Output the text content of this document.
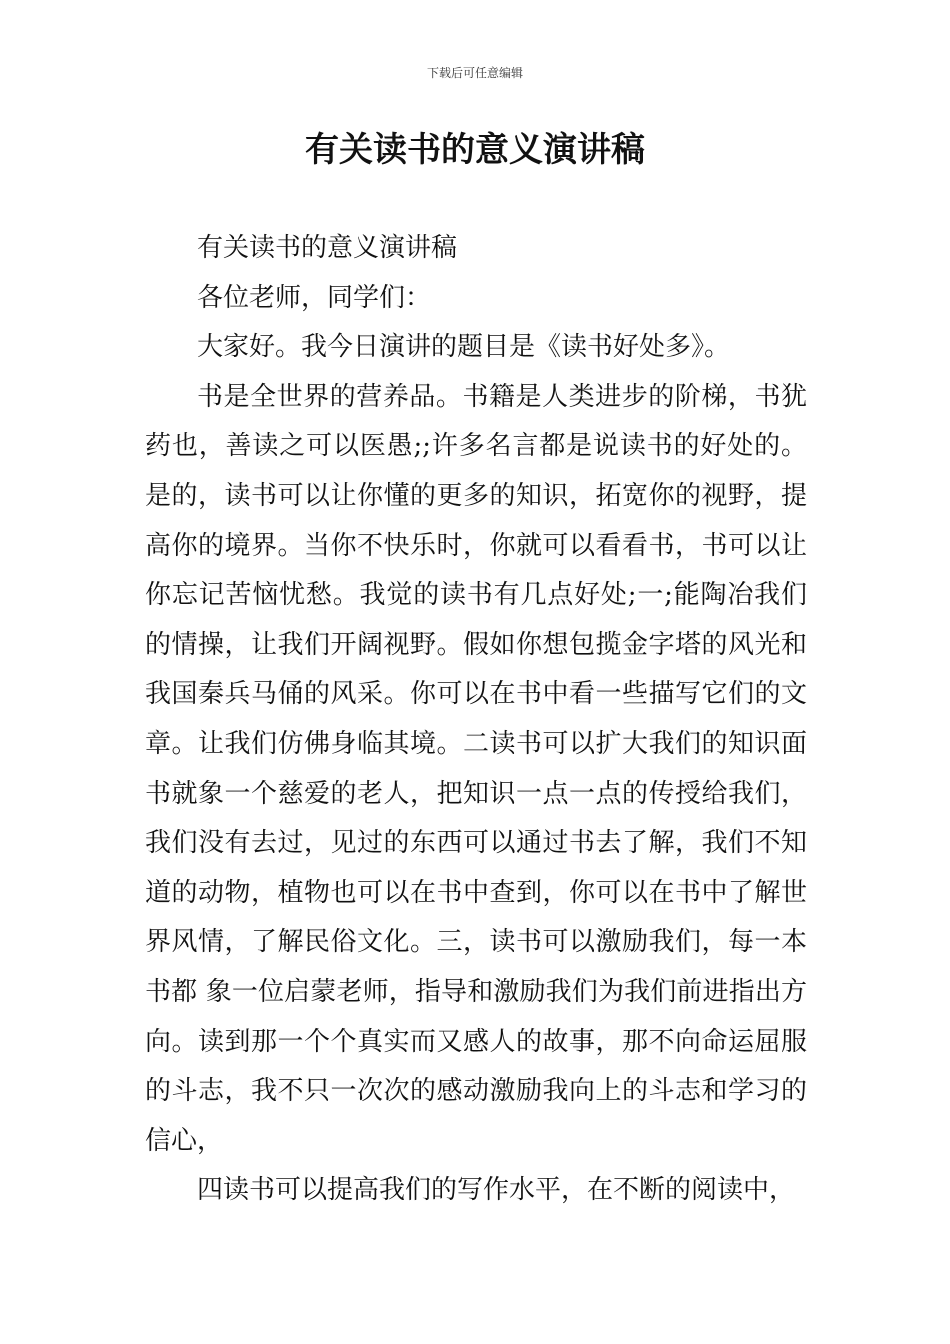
下载后可任意编辑
有关读书的意义演讲稿

有关读书的意义演讲稿

各位老师，同学们：

大家好。我今日演讲的题目是《读书好处多》。

书是全世界的营养品。书籍是人类进步的阶梯，书犹
药也，善读之可以医愚;;许多名言都是说读书的好处的。
是的，读书可以让你懂的更多的知识，拓宽你的视野，提
高你的境界。当你不快乐时，你就可以看看书，书可以让
你忘记苦恼忧愁。我觉的读书有几点好处;一;能陶冶我们
的情操，让我们开阔视野。假如你想包揽金字塔的风光和
我国秦兵马俑的风采。你可以在书中看一些描写它们的文
章。让我们仿佛身临其境。二读书可以扩大我们的知识面
书就象一个慈爱的老人，把知识一点一点的传授给我们，
我们没有去过，见过的东西可以通过书去了解，我们不知
道的动物，植物也可以在书中查到，你可以在书中了解世
界风情，了解民俗文化。三，读书可以激励我们，每一本
书都 象一位启蒙老师，指导和激励我们为我们前进指出方
向。读到那一个个真实而又感人的故事，那不向命运屈服
的斗志，我不只一次次的感动激励我向上的斗志和学习的
信心，

四读书可以提高我们的写作水平，在不断的阅读中，
